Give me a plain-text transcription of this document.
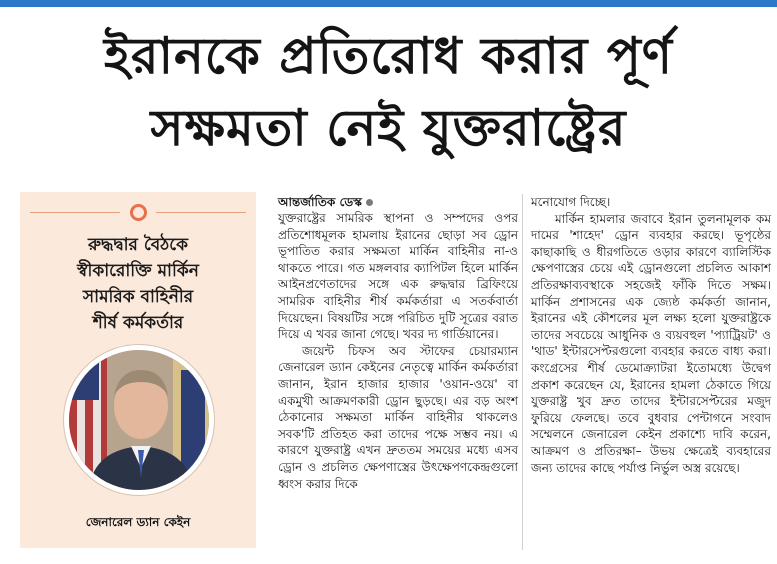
ইরানকে প্রতিরোধ করার পূর্ণ
সক্ষমতা নেই যুক্তরাষ্ট্রের
রুদ্ধদ্বার বৈঠকে
স্বীকারোক্তি মার্কিন
সামরিক বাহিনীর
শীর্ষ কর্মকর্তার
জেনারেল ড্যান কেইন
আন্তর্জাতিক ডেস্ক

যুক্তরাষ্ট্রের সামরিক স্থাপনা ও সম্পদের ওপর প্রতিশোধমূলক হামলায় ইরানের ছোড়া সব ড্রোন ভূপাতিত করার সক্ষমতা মার্কিন বাহিনীর না-ও থাকতে পারে। গত মঙ্গলবার ক্যাপিটল হিলে মার্কিন আইনপ্রণেতাদের সঙ্গে এক রুদ্ধদ্বার ব্রিফিংয়ে সামরিক বাহিনীর শীর্ষ কর্মকর্তারা এ সতর্কবার্তা দিয়েছেন। বিষয়টির সঙ্গে পরিচিত দুটি সূত্রের বরাত দিয়ে এ খবর জানা গেছে। খবর দ্য গার্ডিয়ানের।

জয়েন্ট চিফস অব স্টাফের চেয়ারম্যান জেনারেল ড্যান কেইনের নেতৃত্বে মার্কিন কর্মকর্তারা জানান, ইরান হাজার হাজার 'ওয়ান-ওয়ে' বা একমুখী আক্রমণকারী ড্রোন ছুড়ছে। এর বড় অংশ ঠেকানোর সক্ষমতা মার্কিন বাহিনীর থাকলেও সবক'টি প্রতিহত করা তাদের পক্ষে সম্ভব নয়। এ কারণে যুক্তরাষ্ট্র এখন দ্রুততম সময়ের মধ্যে এসব ড্রোন ও প্রচলিত ক্ষেপণাস্ত্রের উৎক্ষেপণকেন্দ্রগুলো ধ্বংস করার দিকে

মনোযোগ দিচ্ছে।

মার্কিন হামলার জবাবে ইরান তুলনামূলক কম দামের 'শাহেদ' ড্রোন ব্যবহার করছে। ভূপৃষ্ঠের কাছাকাছি ও ধীরগতিতে ওড়ার কারণে ব্যালিস্টিক ক্ষেপণাস্ত্রের চেয়ে এই ড্রোনগুলো প্রচলিত আকাশ প্রতিরক্ষাব্যবস্থাকে সহজেই ফাঁকি দিতে সক্ষম। মার্কিন প্রশাসনের এক জ্যেষ্ঠ কর্মকর্তা জানান, ইরানের এই কৌশলের মূল লক্ষ্য হলো যুক্তরাষ্ট্রকে তাদের সবচেয়ে আধুনিক ও ব্যয়বহুল 'প্যাট্রিয়ট' ও 'থাড' ইন্টারসেপ্টরগুলো ব্যবহার করতে বাধ্য করা। কংগ্রেসের শীর্ষ ডেমোক্র্যাটরা ইতোমধ্যে উদ্বেগ প্রকাশ করেছেন যে, ইরানের হামলা ঠেকাতে গিয়ে যুক্তরাষ্ট্র খুব দ্রুত তাদের ইন্টারসেপ্টরের মজুদ ফুরিয়ে ফেলছে। তবে বুধবার পেন্টাগনে সংবাদ সম্মেলনে জেনারেল কেইন প্রকাশ্যে দাবি করেন, আক্রমণ ও প্রতিরক্ষা– উভয় ক্ষেত্রেই ব্যবহারের জন্য তাদের কাছে পর্যাপ্ত নির্ভুল অস্ত্র রয়েছে।
